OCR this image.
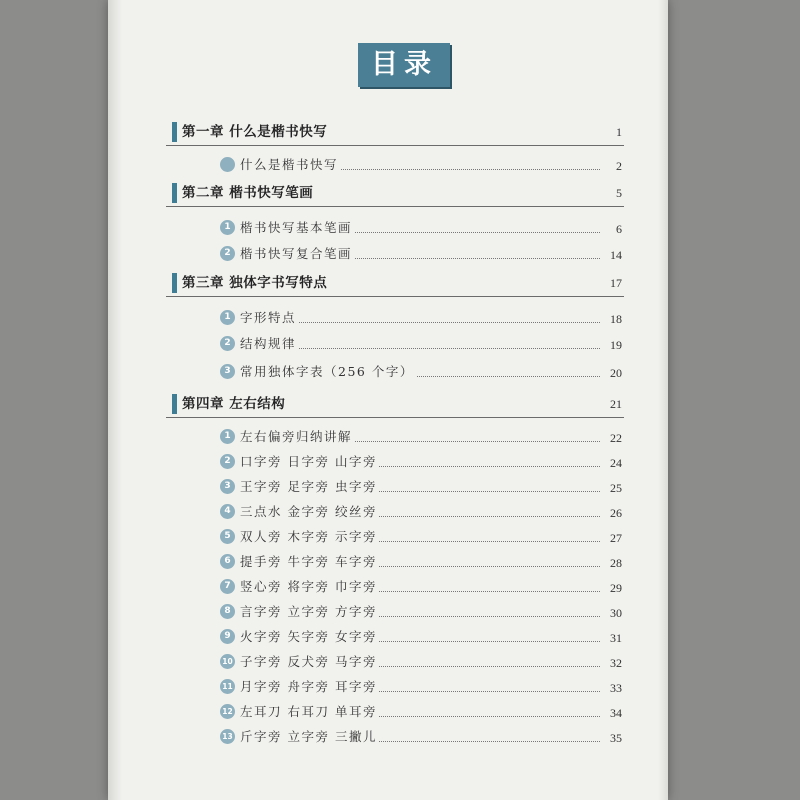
目录
第一章 什么是楷书快写	1
什么是楷书快写	2
第二章 楷书快写笔画	5
1 楷书快写基本笔画	6
2 楷书快写复合笔画	14
第三章 独体字书写特点	17
1 字形特点	18
2 结构规律	19
3 常用独体字表（256 个字）	20
第四章 左右结构	21
1 左右偏旁归纳讲解	22
2 口字旁 日字旁 山字旁	24
3 王字旁 足字旁 虫字旁	25
4 三点水 金字旁 绞丝旁	26
5 双人旁 木字旁 示字旁	27
6 提手旁 牛字旁 车字旁	28
7 竖心旁 将字旁 巾字旁	29
8 言字旁 立字旁 方字旁	30
9 火字旁 矢字旁 女字旁	31
10 子字旁 反犬旁 马字旁	32
11 月字旁 舟字旁 耳字旁	33
12 左耳刀 右耳刀 单耳旁	34
13 斤字旁 立字旁 三撇儿	35
